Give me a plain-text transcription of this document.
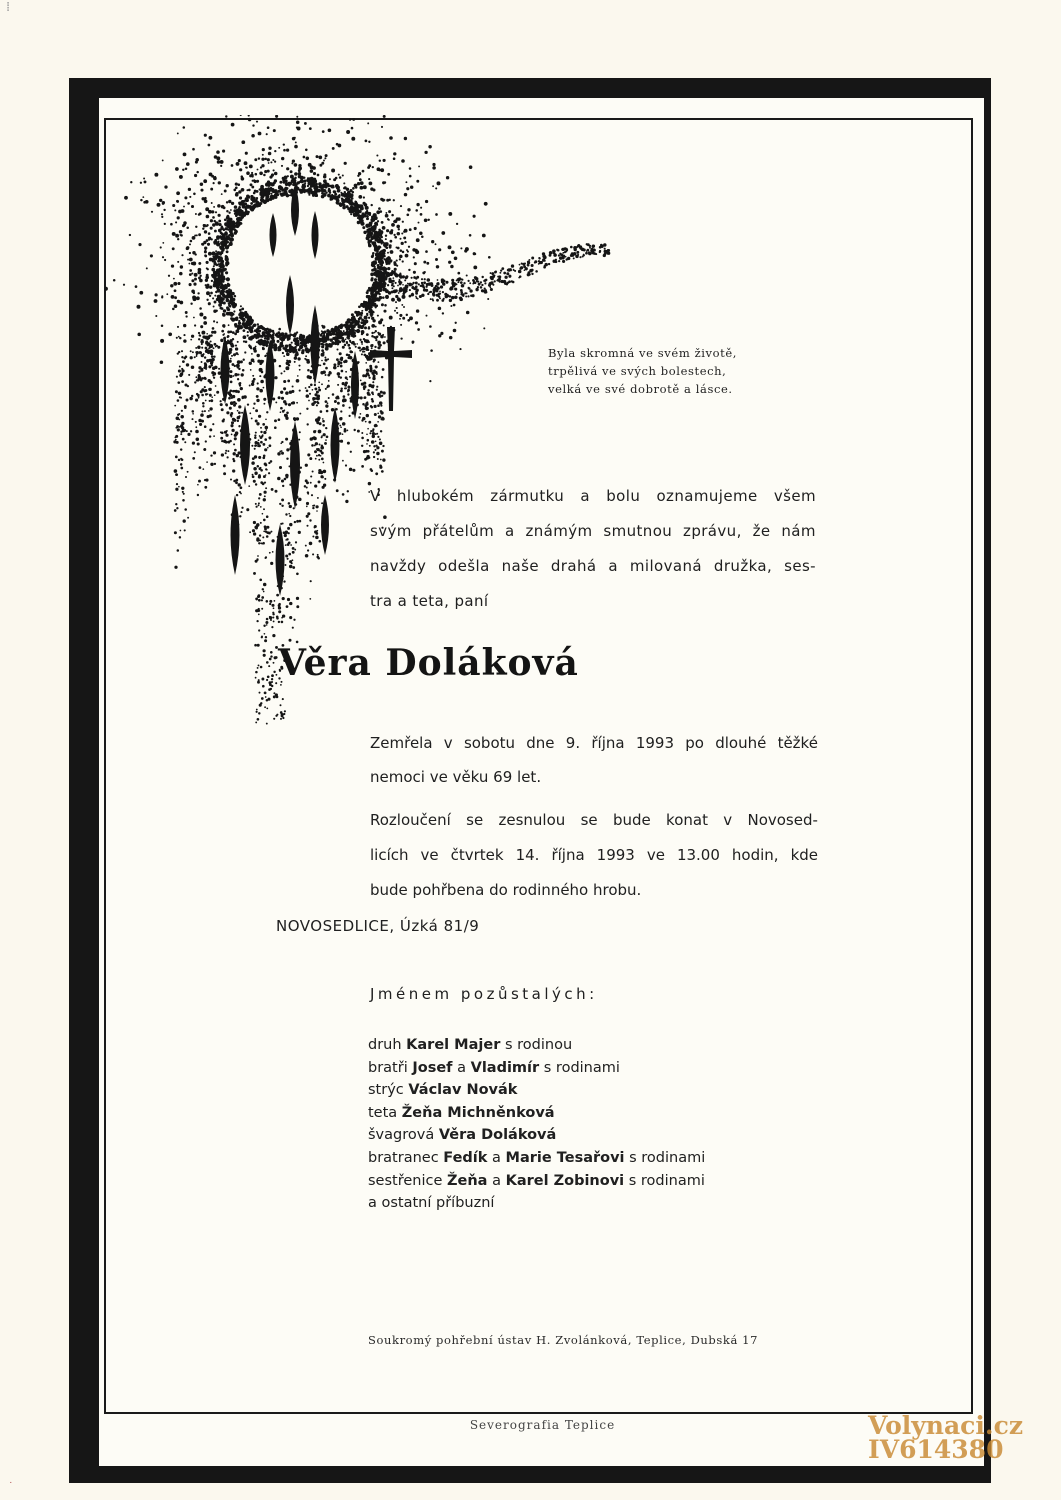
⁞
˙
Byla skromná ve svém životě,
trpělivá ve svých bolestech,
velká ve své dobrotě a lásce.
V hlubokém zármutku a bolu oznamujeme všem
svým přátelům a známým smutnou zprávu, že nám
navždy odešla naše drahá a milovaná družka, ses-
tra a teta, paní
Věra Doláková
Zemřela v sobotu dne 9. října 1993 po dlouhé těžké
nemoci ve věku 69 let.
Rozloučení se zesnulou se bude konat v Novosed-
licích ve čtvrtek 14. října 1993 ve 13.00 hodin, kde
bude pohřbena do rodinného hrobu.
NOVOSEDLICE, Úzká 81/9
Jménem pozůstalých:
druh Karel Majer s rodinou
bratři Josef a Vladimír s rodinami
strýc Václav Novák
teta Žeňa Michněnková
švagrová Věra Doláková
bratranec Fedík a Marie Tesařovi s rodinami
sestřenice Žeňa a Karel Zobinovi s rodinami
a ostatní příbuzní
Soukromý pohřební ústav H. Zvolánková, Teplice, Dubská 17
Severografia Teplice	Volynaci.cz
IV614380
